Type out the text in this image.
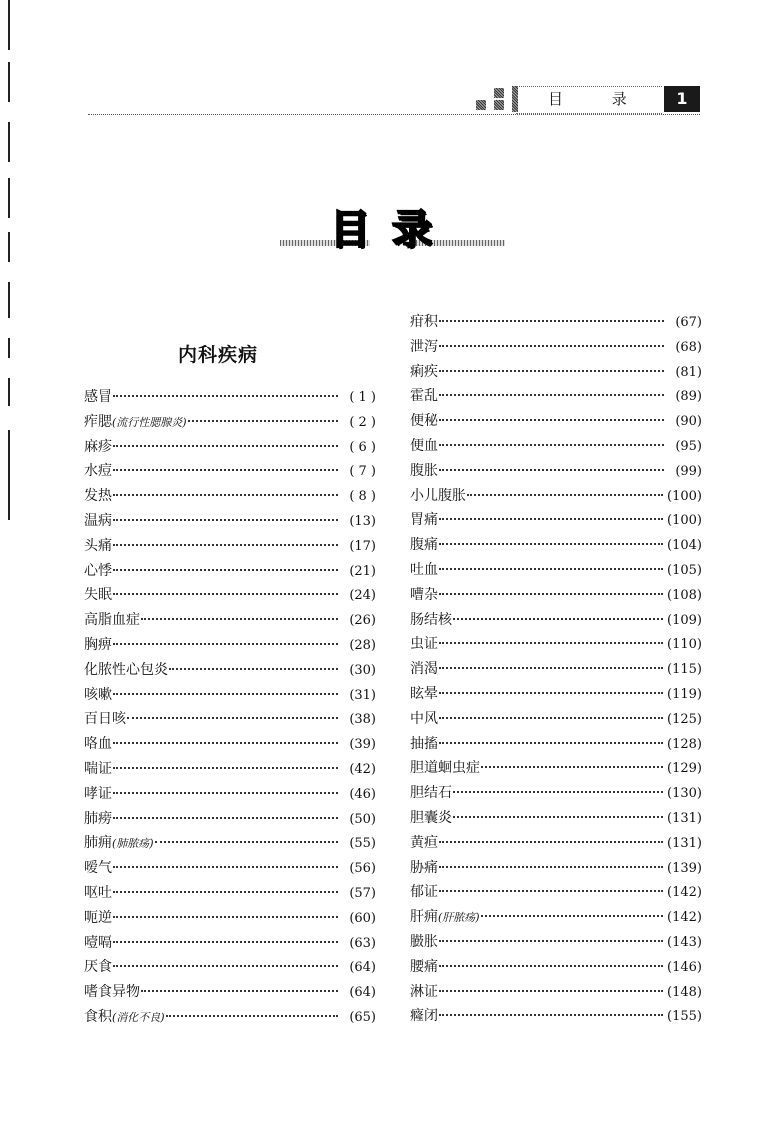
目 录	1
目录
内科疾病
感冒	( 1 )
痄腮 (流行性腮腺炎)	( 2 )
麻疹	( 6 )
水痘	( 7 )
发热	( 8 )
温病	(13)
头痛	(17)
心悸	(21)
失眠	(24)
高脂血症	(26)
胸痹	(28)
化脓性心包炎	(30)
咳嗽	(31)
百日咳	(38)
咯血	(39)
喘证	(42)
哮证	(46)
肺痨	(50)
肺痈 (肺脓疡)	(55)
嗳气	(56)
呕吐	(57)
呃逆	(60)
噎嗝	(63)
厌食	(64)
嗜食异物	(64)
食积 (消化不良)	(65)
疳积	(67)
泄泻	(68)
痢疾	(81)
霍乱	(89)
便秘	(90)
便血	(95)
腹胀	(99)
小儿腹胀	(100)
胃痛	(100)
腹痛	(104)
吐血	(105)
嘈杂	(108)
肠结核	(109)
虫证	(110)
消渴	(115)
眩晕	(119)
中风	(125)
抽搐	(128)
胆道蛔虫症	(129)
胆结石	(130)
胆囊炎	(131)
黄疸	(131)
胁痛	(139)
郁证	(142)
肝痈 (肝脓疡)	(142)
臌胀	(143)
腰痛	(146)
淋证	(148)
癃闭	(155)
